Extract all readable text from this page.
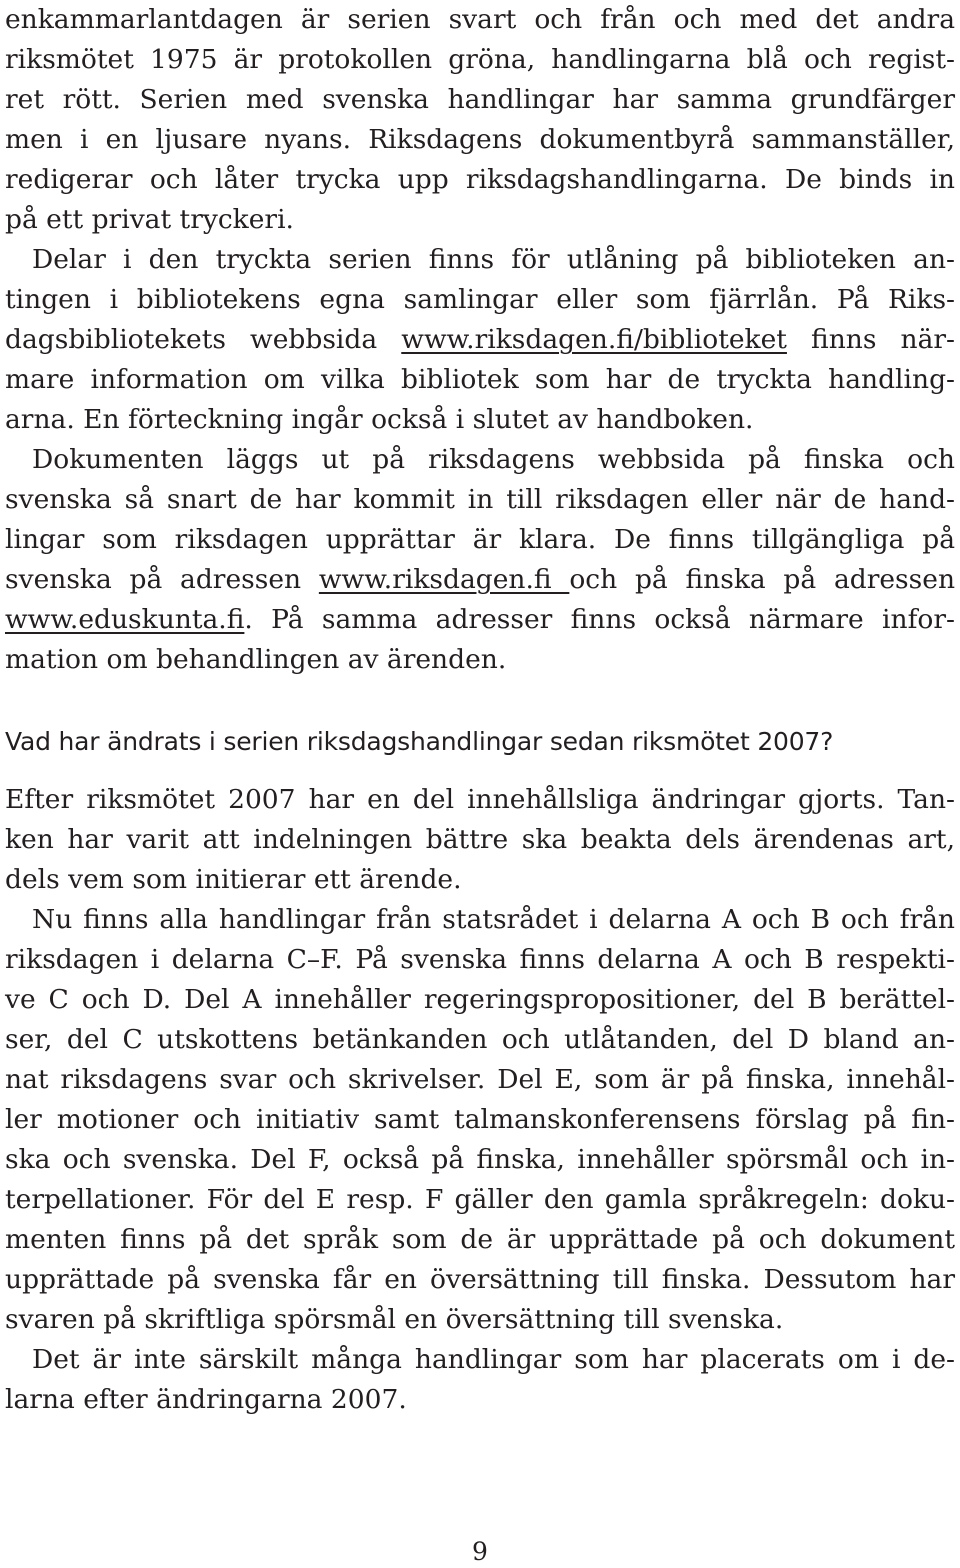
enkammarlantdagen är serien svart och från och med det andra
riksmötet 1975 är protokollen gröna, handlingarna blå och regist-
ret rött. Serien med svenska handlingar har samma grundfärger
men i en ljusare nyans. Riksdagens dokumentbyrå sammanställer,
redigerar och låter trycka upp riksdagshandlingarna. De binds in
på ett privat tryckeri.
Delar i den tryckta serien finns för utlåning på biblioteken an-
tingen i bibliotekens egna samlingar eller som fjärrlån. På Riks-
dagsbibliotekets webbsida www.riksdagen.fi/biblioteket finns när-
mare information om vilka bibliotek som har de tryckta handling-
arna. En förteckning ingår också i slutet av handboken.
Dokumenten läggs ut på riksdagens webbsida på finska och
svenska så snart de har kommit in till riksdagen eller när de hand-
lingar som riksdagen upprättar är klara. De finns tillgängliga på
svenska på adressen www.riksdagen.fi och på finska på adressen
www.eduskunta.fi. På samma adresser finns också närmare infor-
mation om behandlingen av ärenden.
Vad har ändrats i serien riksdagshandlingar sedan riksmötet 2007?
Efter riksmötet 2007 har en del innehållsliga ändringar gjorts. Tan-
ken har varit att indelningen bättre ska beakta dels ärendenas art,
dels vem som initierar ett ärende.
Nu finns alla handlingar från statsrådet i delarna A och B och från
riksdagen i delarna C–F. På svenska finns delarna A och B respekti-
ve C och D. Del A innehåller regeringspropositioner, del B berättel-
ser, del C utskottens betänkanden och utlåtanden, del D bland an-
nat riksdagens svar och skrivelser. Del E, som är på finska, innehål-
ler motioner och initiativ samt talmanskonferensens förslag på fin-
ska och svenska. Del F, också på finska, innehåller spörsmål och in-
terpellationer. För del E resp. F gäller den gamla språkregeln: doku-
menten finns på det språk som de är upprättade på och dokument
upprättade på svenska får en översättning till finska. Dessutom har
svaren på skriftliga spörsmål en översättning till svenska.
Det är inte särskilt många handlingar som har placerats om i de-
larna efter ändringarna 2007.
9
